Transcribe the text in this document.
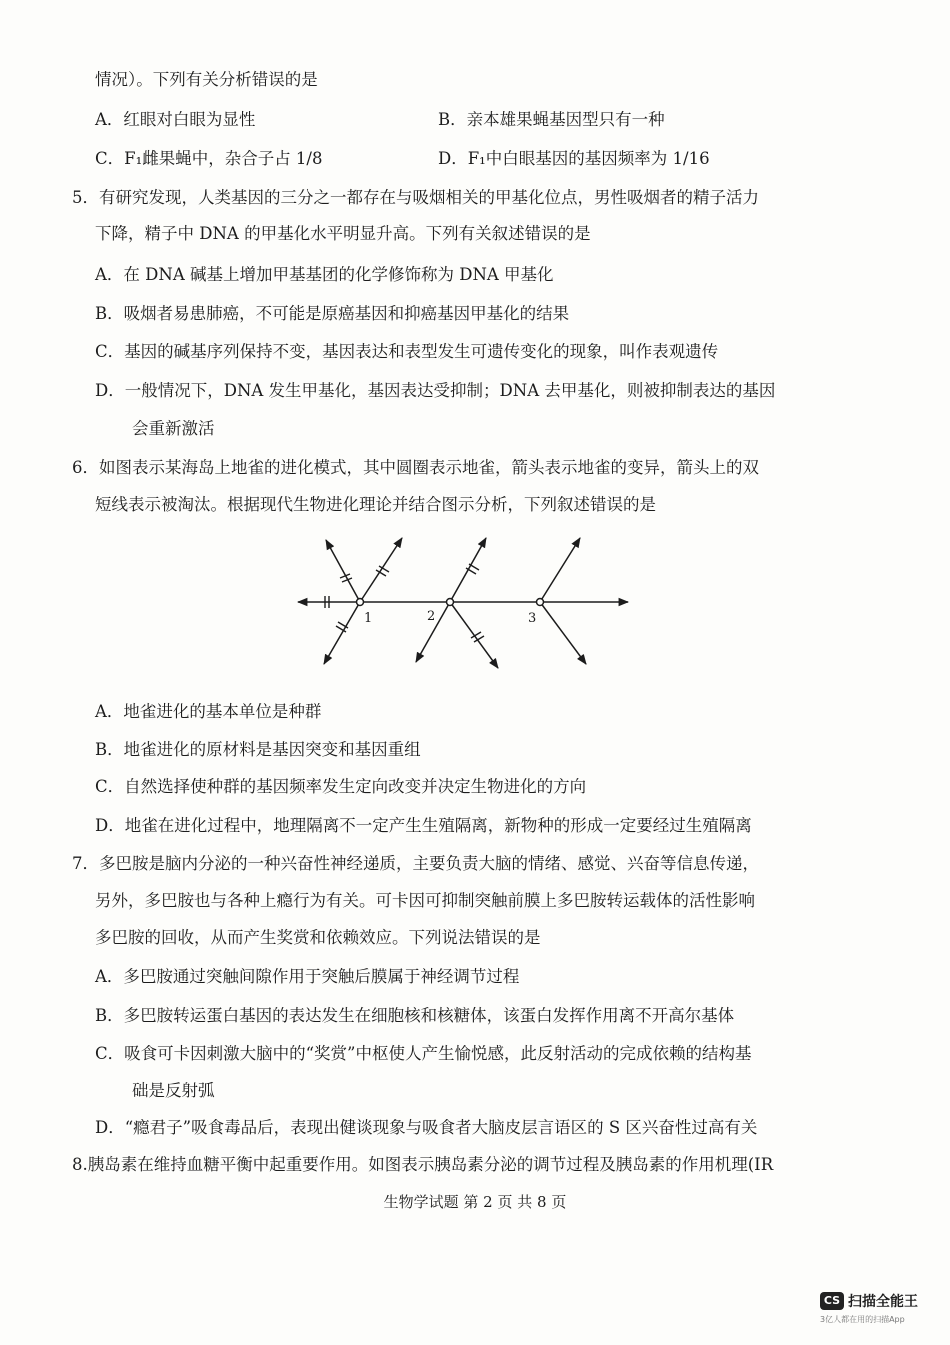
情况）。下列有关分析错误的是
A．红眼对白眼为显性	B．亲本雄果蝇基因型只有一种
C．F₁雌果蝇中，杂合子占 1/8	D．F₁中白眼基因的基因频率为 1/16
5．有研究发现，人类基因的三分之一都存在与吸烟相关的甲基化位点，男性吸烟者的精子活力
下降，精子中 DNA 的甲基化水平明显升高。下列有关叙述错误的是
A．在 DNA 碱基上增加甲基基团的化学修饰称为 DNA 甲基化
B．吸烟者易患肺癌，不可能是原癌基因和抑癌基因甲基化的结果
C．基因的碱基序列保持不变，基因表达和表型发生可遗传变化的现象，叫作表观遗传
D．一般情况下，DNA 发生甲基化，基因表达受抑制；DNA 去甲基化，则被抑制表达的基因
会重新激活
6．如图表示某海岛上地雀的进化模式，其中圆圈表示地雀，箭头表示地雀的变异，箭头上的双
短线表示被淘汰。根据现代生物进化理论并结合图示分析，下列叙述错误的是
1	2	3
A．地雀进化的基本单位是种群
B．地雀进化的原材料是基因突变和基因重组
C．自然选择使种群的基因频率发生定向改变并决定生物进化的方向
D．地雀在进化过程中，地理隔离不一定产生生殖隔离，新物种的形成一定要经过生殖隔离
7．多巴胺是脑内分泌的一种兴奋性神经递质，主要负责大脑的情绪、感觉、兴奋等信息传递，
另外，多巴胺也与各种上瘾行为有关。可卡因可抑制突触前膜上多巴胺转运载体的活性影响
多巴胺的回收，从而产生奖赏和依赖效应。下列说法错误的是
A．多巴胺通过突触间隙作用于突触后膜属于神经调节过程
B．多巴胺转运蛋白基因的表达发生在细胞核和核糖体，该蛋白发挥作用离不开高尔基体
C．吸食可卡因刺激大脑中的“奖赏”中枢使人产生愉悦感，此反射活动的完成依赖的结构基
础是反射弧
D．“瘾君子”吸食毒品后，表现出健谈现象与吸食者大脑皮层言语区的 S 区兴奋性过高有关
8.胰岛素在维持血糖平衡中起重要作用。如图表示胰岛素分泌的调节过程及胰岛素的作用机理(IR
生物学试题 第 2 页 共 8 页
CS 扫描全能王
3亿人都在用的扫描App
